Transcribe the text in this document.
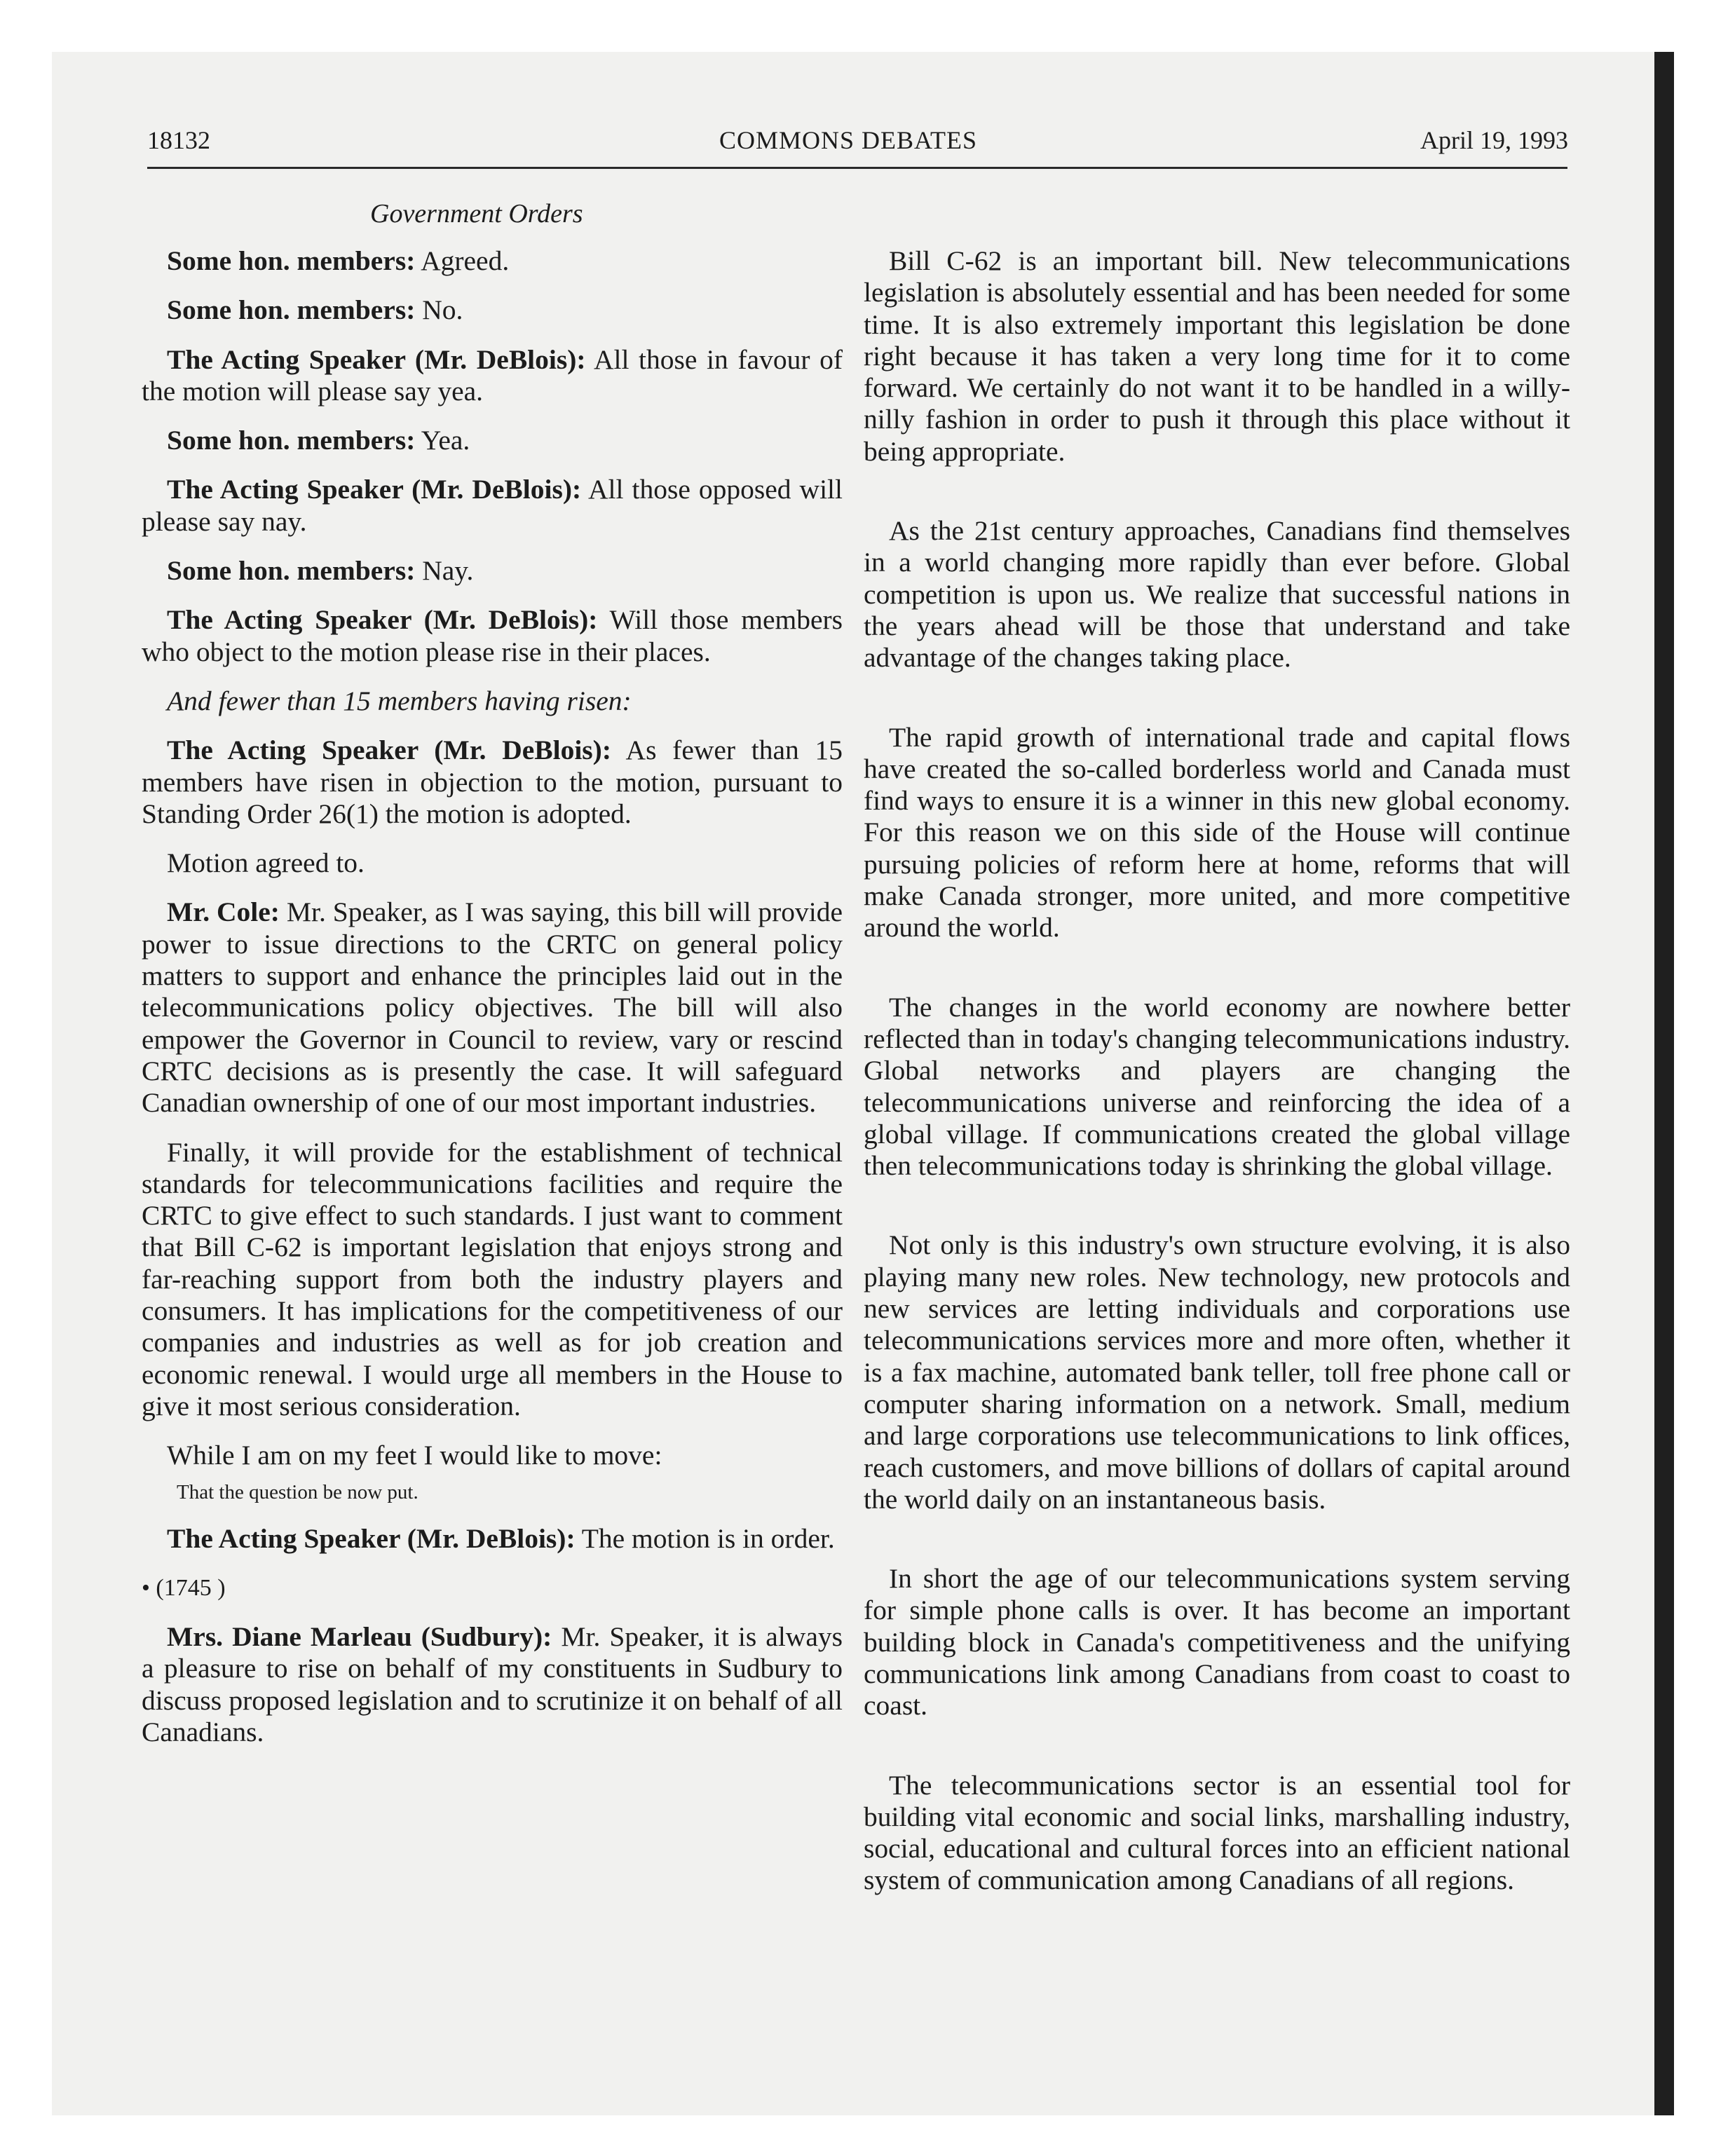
18132	COMMONS DEBATES	April 19, 1993
Government Orders

Some hon. members: Agreed.

Some hon. members: No.

The Acting Speaker (Mr. DeBlois): All those in favour of the motion will please say yea.

Some hon. members: Yea.

The Acting Speaker (Mr. DeBlois): All those opposed will please say nay.

Some hon. members: Nay.

The Acting Speaker (Mr. DeBlois): Will those members who object to the motion please rise in their places.

And fewer than 15 members having risen:

The Acting Speaker (Mr. DeBlois): As fewer than 15 members have risen in objection to the motion, pursuant to Standing Order 26(1) the motion is adopted.

Motion agreed to.

Mr. Cole: Mr. Speaker, as I was saying, this bill will provide power to issue directions to the CRTC on general policy matters to support and enhance the principles laid out in the telecommunications policy objectives. The bill will also empower the Governor in Council to review, vary or rescind CRTC decisions as is presently the case. It will safeguard Canadian ownership of one of our most important industries.

Finally, it will provide for the establishment of technical standards for telecommunications facilities and require the CRTC to give effect to such standards. I just want to comment that Bill C-62 is important legislation that enjoys strong and far-reaching support from both the industry players and consumers. It has implications for the competitiveness of our companies and industries as well as for job creation and economic renewal. I would urge all members in the House to give it most serious consideration.

While I am on my feet I would like to move:

That the question be now put.

The Acting Speaker (Mr. DeBlois): The motion is in order.

• (1745 )

Mrs. Diane Marleau (Sudbury): Mr. Speaker, it is always a pleasure to rise on behalf of my constituents in Sudbury to discuss proposed legislation and to scrutinize it on behalf of all Canadians.

Bill C-62 is an important bill. New telecommunications legislation is absolutely essential and has been needed for some time. It is also extremely important this legislation be done right because it has taken a very long time for it to come forward. We certainly do not want it to be handled in a willy-nilly fashion in order to push it through this place without it being appropriate.

As the 21st century approaches, Canadians find themselves in a world changing more rapidly than ever before. Global competition is upon us. We realize that successful nations in the years ahead will be those that understand and take advantage of the changes taking place.

The rapid growth of international trade and capital flows have created the so-called borderless world and Canada must find ways to ensure it is a winner in this new global economy. For this reason we on this side of the House will continue pursuing policies of reform here at home, reforms that will make Canada stronger, more united, and more competitive around the world.

The changes in the world economy are nowhere better reflected than in today's changing telecommunications industry. Global networks and players are changing the telecommunications universe and reinforcing the idea of a global village. If communications created the global village then telecommunications today is shrinking the global village.

Not only is this industry's own structure evolving, it is also playing many new roles. New technology, new protocols and new services are letting individuals and corporations use telecommunications services more and more often, whether it is a fax machine, automated bank teller, toll free phone call or computer sharing information on a network. Small, medium and large corporations use telecommunications to link offices, reach customers, and move billions of dollars of capital around the world daily on an instantaneous basis.

In short the age of our telecommunications system serving for simple phone calls is over. It has become an important building block in Canada's competitiveness and the unifying communications link among Canadians from coast to coast to coast.

The telecommunications sector is an essential tool for building vital economic and social links, marshalling industry, social, educational and cultural forces into an efficient national system of communication among Canadians of all regions.
